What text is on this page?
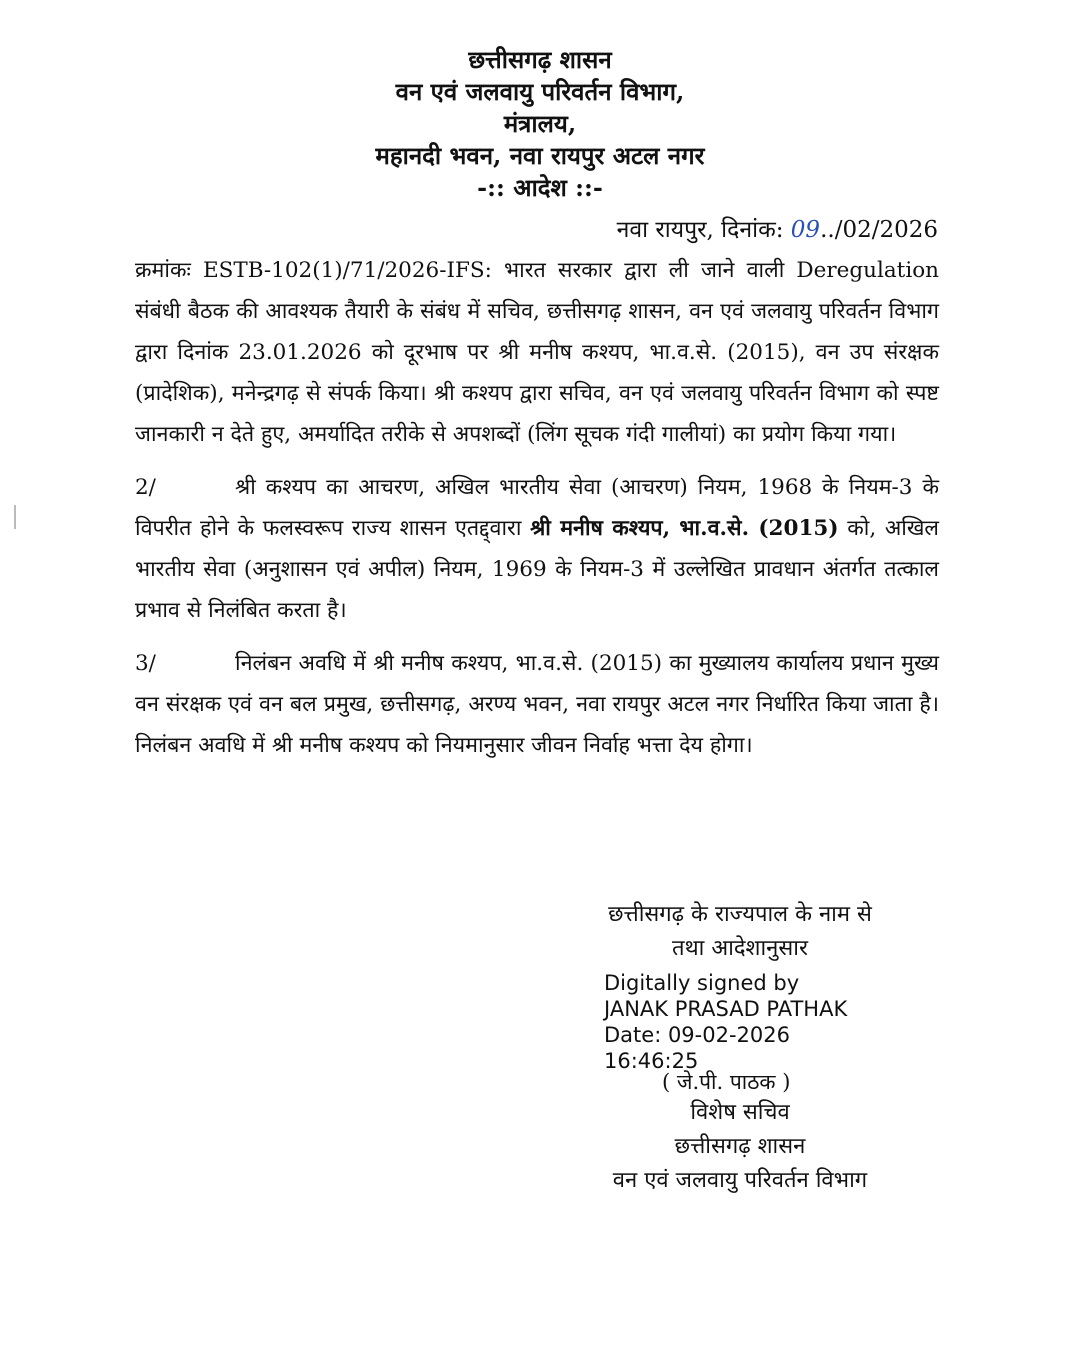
छत्तीसगढ़ शासन
वन एवं जलवायु परिवर्तन विभाग,
मंत्रालय,
महानदी भवन, नवा रायपुर अटल नगर
-:: आदेश ::-
नवा रायपुर, दिनांक: 09../02/2026

क्रमांकः ESTB-102(1)/71/2026-IFS: भारत सरकार द्वारा ली जाने वाली Deregulation संबंधी बैठक की आवश्यक तैयारी के संबंध में सचिव, छत्तीसगढ़ शासन, वन एवं जलवायु परिवर्तन विभाग द्वारा दिनांक 23.01.2026 को दूरभाष पर श्री मनीष कश्यप, भा.व.से. (2015), वन उप संरक्षक (प्रादेशिक), मनेन्द्रगढ़ से संपर्क किया। श्री कश्यप द्वारा सचिव, वन एवं जलवायु परिवर्तन विभाग को स्पष्ट जानकारी न देते हुए, अमर्यादित तरीके से अपशब्दों (लिंग सूचक गंदी गालीयां) का प्रयोग किया गया।

2/	श्री कश्यप का आचरण, अखिल भारतीय सेवा (आचरण) नियम, 1968 के नियम-3 के विपरीत होने के फलस्वरूप राज्य शासन एतद्द्वारा श्री मनीष कश्यप, भा.व.से. (2015) को, अखिल भारतीय सेवा (अनुशासन एवं अपील) नियम, 1969 के नियम-3 में उल्लेखित प्रावधान अंतर्गत तत्काल प्रभाव से निलंबित करता है।

3/	निलंबन अवधि में श्री मनीष कश्यप, भा.व.से. (2015) का मुख्यालय कार्यालय प्रधान मुख्य वन संरक्षक एवं वन बल प्रमुख, छत्तीसगढ़, अरण्य भवन, नवा रायपुर अटल नगर निर्धारित किया जाता है। निलंबन अवधि में श्री मनीष कश्यप को नियमानुसार जीवन निर्वाह भत्ता देय होगा।

छत्तीसगढ़ के राज्यपाल के नाम से
तथा आदेशानुसार
Digitally signed by
JANAK PRASAD PATHAK
Date: 09-02-2026
16:46:25
( जे.पी. पाठक )
विशेष सचिव
छत्तीसगढ़ शासन
वन एवं जलवायु परिवर्तन विभाग
